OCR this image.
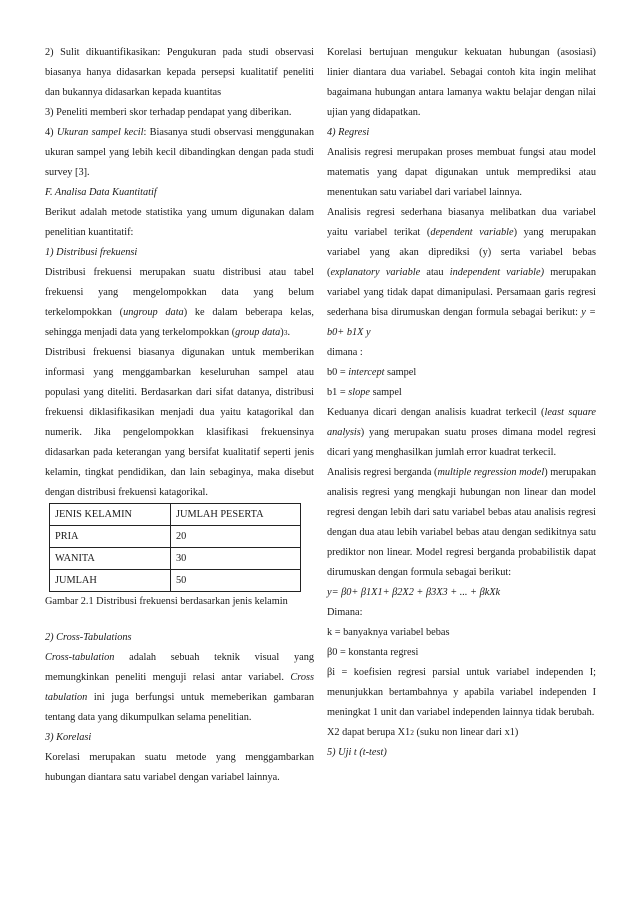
2) Sulit dikuantifikasikan: Pengukuran pada studi observasi biasanya hanya didasarkan kepada persepsi kualitatif peneliti dan bukannya didasarkan kepada kuantitas

3) Peneliti memberi skor terhadap pendapat yang diberikan.

4) Ukuran sampel kecil: Biasanya studi observasi menggunakan ukuran sampel yang lebih kecil dibandingkan dengan pada studi survey [3].

F. Analisa Data Kuantitatif

Berikut adalah metode statistika yang umum digunakan dalam penelitian kuantitatif:

1) Distribusi frekuensi

Distribusi frekuensi merupakan suatu distribusi atau tabel frekuensi yang mengelompokkan data yang belum terkelompokkan (ungroup data) ke dalam beberapa kelas, sehingga menjadi data yang terkelompokkan (group data)3.

Distribusi frekuensi biasanya digunakan untuk memberikan informasi yang menggambarkan keseluruhan sampel atau populasi yang diteliti. Berdasarkan dari sifat datanya, distribusi frekuensi diklasifikasikan menjadi dua yaitu katagorikal dan numerik. Jika pengelompokkan klasifikasi frekuensinya didasarkan pada keterangan yang bersifat kualitatif seperti jenis kelamin, tingkat pendidikan, dan lain sebaginya, maka disebut dengan distribusi frekuensi katagorikal.

JENIS KELAMIN	JUMLAH PESERTA
PRIA	20
WANITA	30
JUMLAH	50

Gambar 2.1 Distribusi frekuensi berdasarkan jenis kelamin

2) Cross-Tabulations

Cross-tabulation adalah sebuah teknik visual yang memungkinkan peneliti menguji relasi antar variabel. Cross tabulation ini juga berfungsi untuk memeberikan gambaran tentang data yang dikumpulkan selama penelitian.

3) Korelasi

Korelasi merupakan suatu metode yang menggambarkan hubungan diantara satu variabel dengan variabel lainnya.

Korelasi bertujuan mengukur kekuatan hubungan (asosiasi) linier diantara dua variabel. Sebagai contoh kita ingin melihat bagaimana hubungan antara lamanya waktu belajar dengan nilai ujian yang didapatkan.

4) Regresi

Analisis regresi merupakan proses membuat fungsi atau model matematis yang dapat digunakan untuk memprediksi atau menentukan satu variabel dari variabel lainnya.

Analisis regresi sederhana biasanya melibatkan dua variabel yaitu variabel terikat (dependent variable) yang merupakan variabel yang akan diprediksi (y) serta variabel bebas (explanatory variable atau independent variable) merupakan variabel yang tidak dapat dimanipulasi. Persamaan garis regresi sederhana bisa dirumuskan dengan formula sebagai berikut: y = b0+ b1X y

dimana :

b0 = intercept sampel

b1 = slope sampel

Keduanya dicari dengan analisis kuadrat terkecil (least square analysis) yang merupakan suatu proses dimana model regresi dicari yang menghasilkan jumlah error kuadrat terkecil.

Analisis regresi berganda (multiple regression model) merupakan analisis regresi yang mengkaji hubungan non linear dan model regresi dengan lebih dari satu variabel bebas atau analisis regresi dengan dua atau lebih variabel bebas atau dengan sedikitnya satu prediktor non linear. Model regresi berganda probabilistik dapat dirumuskan dengan formula sebagai berikut:

y= β0+ β1X1+ β2X2 + β3X3 + ... + βkXk

Dimana:

k = banyaknya variabel bebas

β0 = konstanta regresi

βi = koefisien regresi parsial untuk variabel independen I; menunjukkan bertambahnya y apabila variabel independen I meningkat 1 unit dan variabel independen lainnya tidak berubah.

X2 dapat berupa X12 (suku non linear dari x1)

5) Uji t (t-test)
